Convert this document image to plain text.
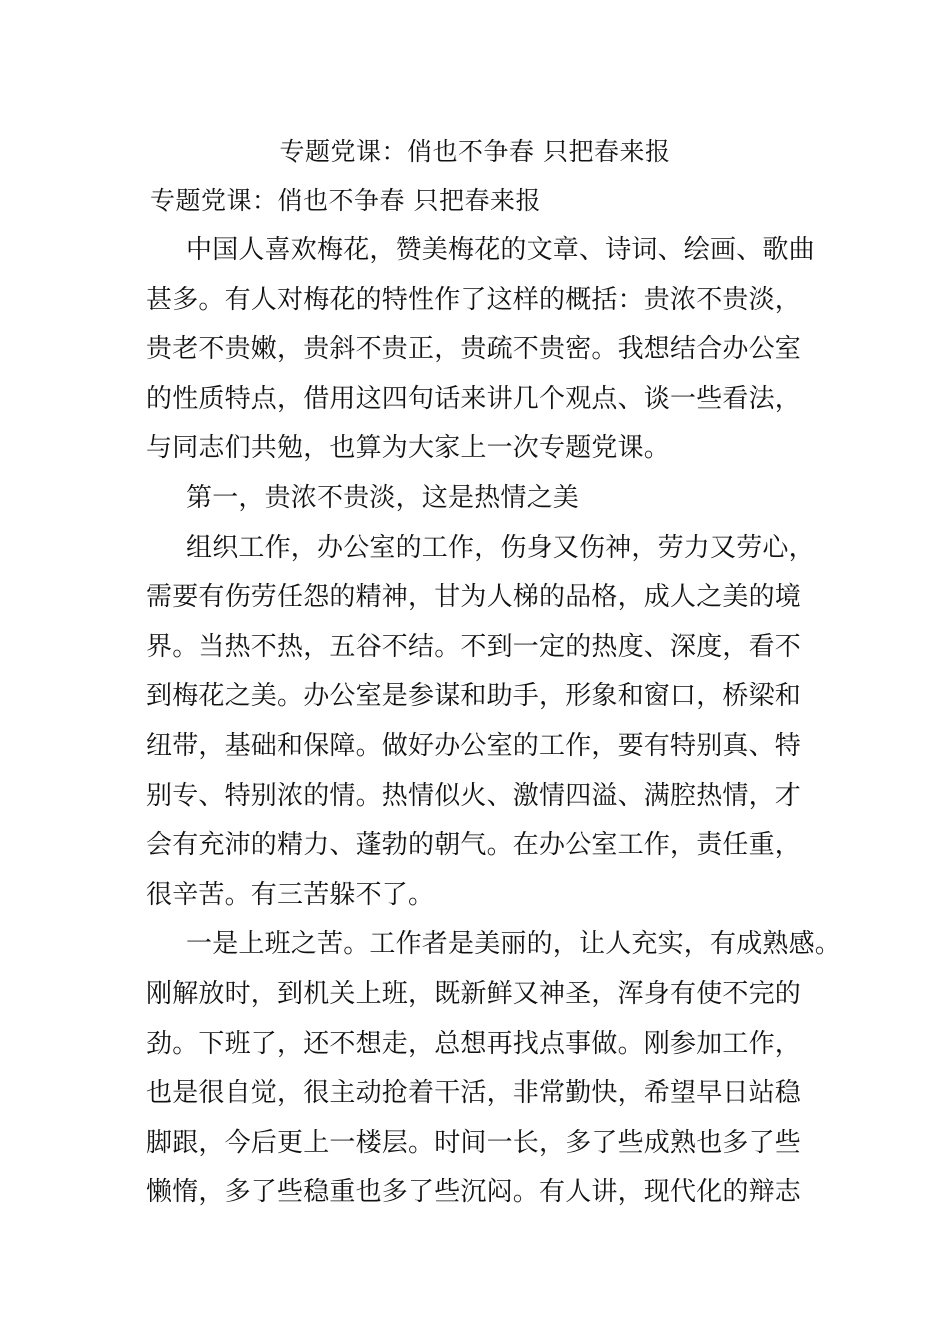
专题党课：俏也不争春 只把春来报
专题党课：俏也不争春 只把春来报
中国人喜欢梅花，赞美梅花的文章、诗词、绘画、歌曲
甚多。有人对梅花的特性作了这样的概括：贵浓不贵淡，
贵老不贵嫩，贵斜不贵正，贵疏不贵密。我想结合办公室
的性质特点，借用这四句话来讲几个观点、谈一些看法，
与同志们共勉，也算为大家上一次专题党课。
第一，贵浓不贵淡，这是热情之美
组织工作，办公室的工作，伤身又伤神，劳力又劳心，
需要有伤劳任怨的精神，甘为人梯的品格，成人之美的境
界。当热不热，五谷不结。不到一定的热度、深度，看不
到梅花之美。办公室是参谋和助手，形象和窗口，桥梁和
纽带，基础和保障。做好办公室的工作，要有特别真、特
别专、特别浓的情。热情似火、激情四溢、满腔热情，才
会有充沛的精力、蓬勃的朝气。在办公室工作，责任重，
很辛苦。有三苦躲不了。
一是上班之苦。工作者是美丽的，让人充实，有成熟感。
刚解放时，到机关上班，既新鲜又神圣，浑身有使不完的
劲。下班了，还不想走，总想再找点事做。刚参加工作，
也是很自觉，很主动抢着干活，非常勤快，希望早日站稳
脚跟，今后更上一楼层。时间一长，多了些成熟也多了些
懒惰，多了些稳重也多了些沉闷。有人讲，现代化的辩志
